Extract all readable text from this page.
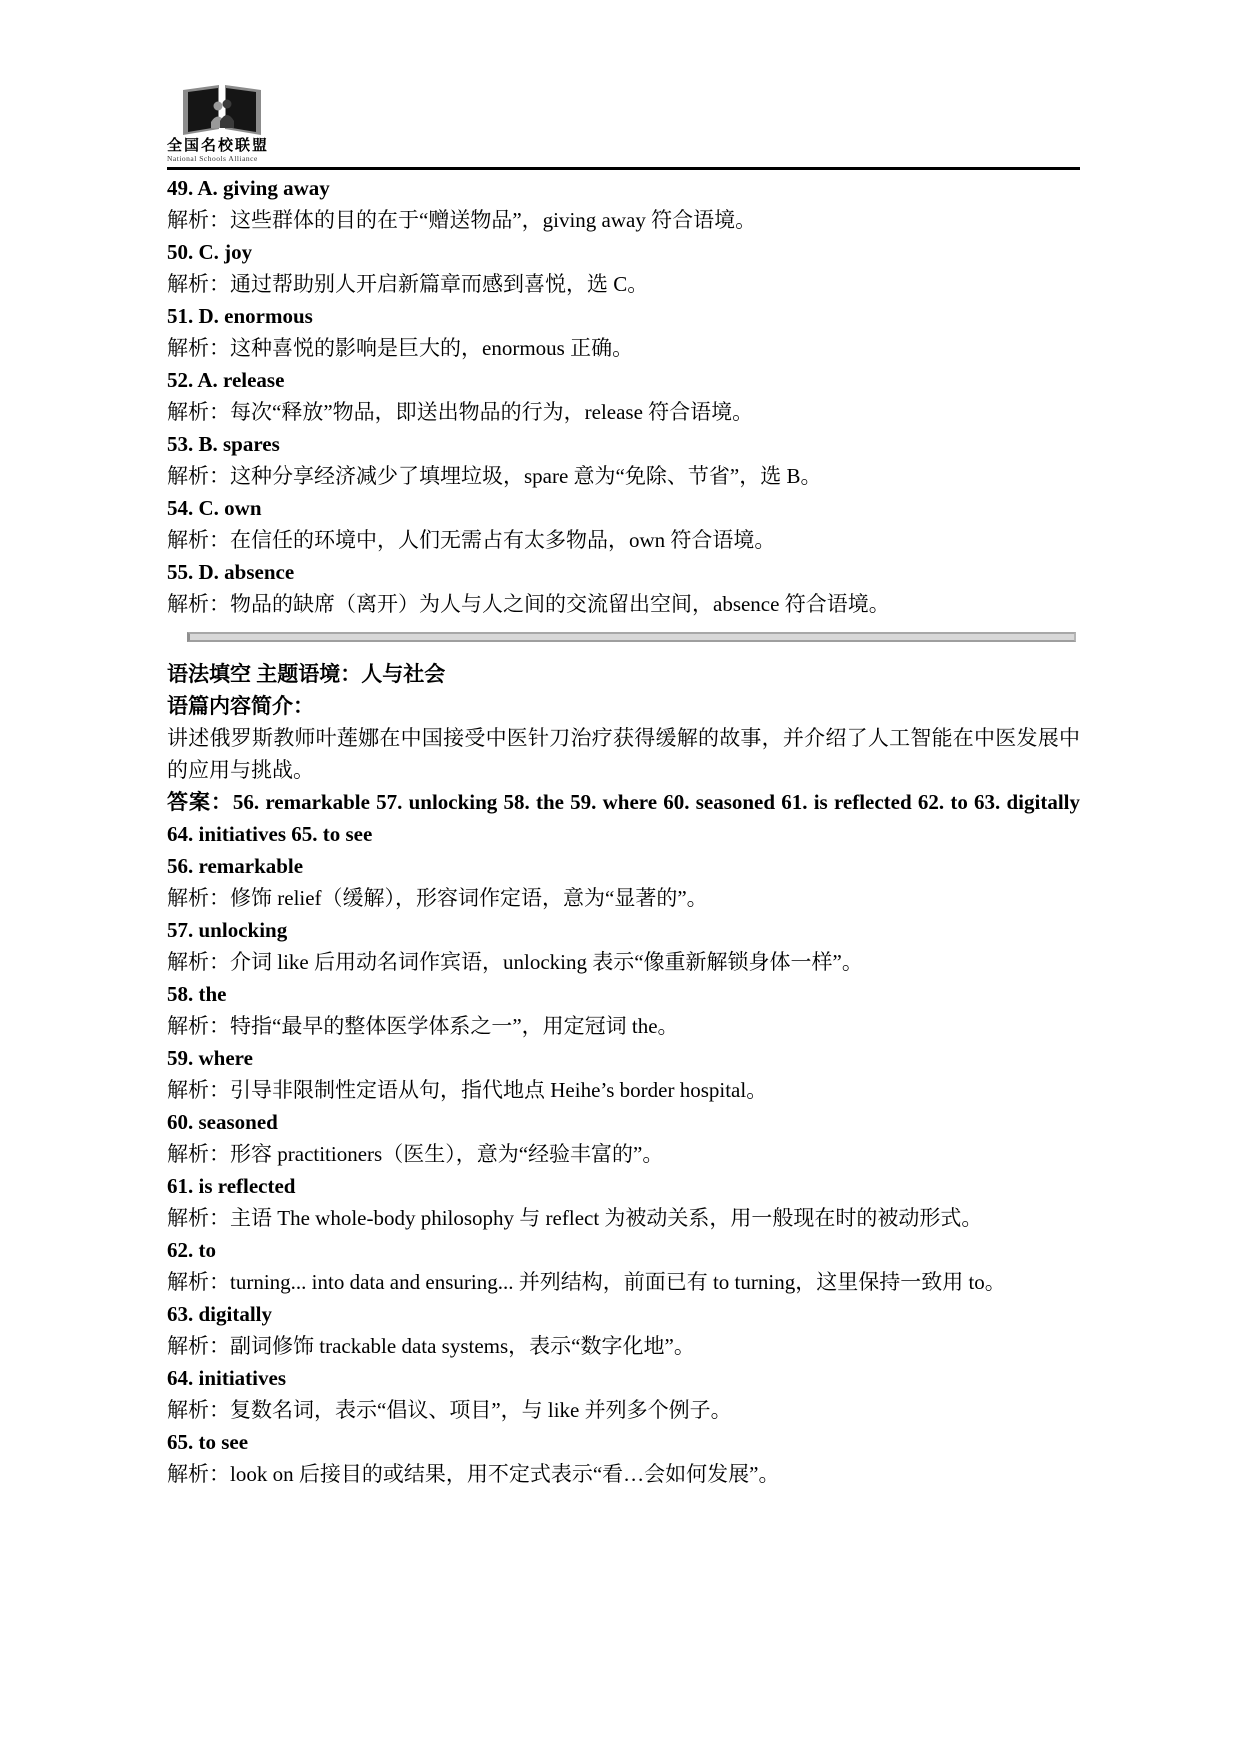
全国名校联盟
National Schools Alliance

49. A. giving away

解析：这些群体的目的在于“赠送物品”，giving away 符合语境。

50. C. joy

解析：通过帮助别人开启新篇章而感到喜悦，选 C。

51. D. enormous

解析：这种喜悦的影响是巨大的，enormous 正确。

52. A. release

解析：每次“释放”物品，即送出物品的行为，release 符合语境。

53. B. spares

解析：这种分享经济减少了填埋垃圾，spare 意为“免除、节省”，选 B。

54. C. own

解析：在信任的环境中，人们无需占有太多物品，own 符合语境。

55. D. absence

解析：物品的缺席（离开）为人与人之间的交流留出空间，absence 符合语境。

语法填空 主题语境：人与社会

语篇内容简介：

讲述俄罗斯教师叶莲娜在中国接受中医针刀治疗获得缓解的故事，并介绍了人工智能在中医发展中的应用与挑战。

答案：56. remarkable 57. unlocking 58. the 59. where 60. seasoned 61. is reflected 62. to 63. digitally 64. initiatives 65. to see

56. remarkable

解析：修饰 relief（缓解），形容词作定语，意为“显著的”。

57. unlocking

解析：介词 like 后用动名词作宾语，unlocking 表示“像重新解锁身体一样”。

58. the

解析：特指“最早的整体医学体系之一”，用定冠词 the。

59. where

解析：引导非限制性定语从句，指代地点 Heihe’s border hospital。

60. seasoned

解析：形容 practitioners（医生），意为“经验丰富的”。

61. is reflected

解析：主语 The whole-body philosophy 与 reflect 为被动关系，用一般现在时的被动形式。

62. to

解析：turning... into data and ensuring... 并列结构，前面已有 to turning，这里保持一致用 to。

63. digitally

解析：副词修饰 trackable data systems，表示“数字化地”。

64. initiatives

解析：复数名词，表示“倡议、项目”，与 like 并列多个例子。

65. to see

解析：look on 后接目的或结果，用不定式表示“看…会如何发展”。
